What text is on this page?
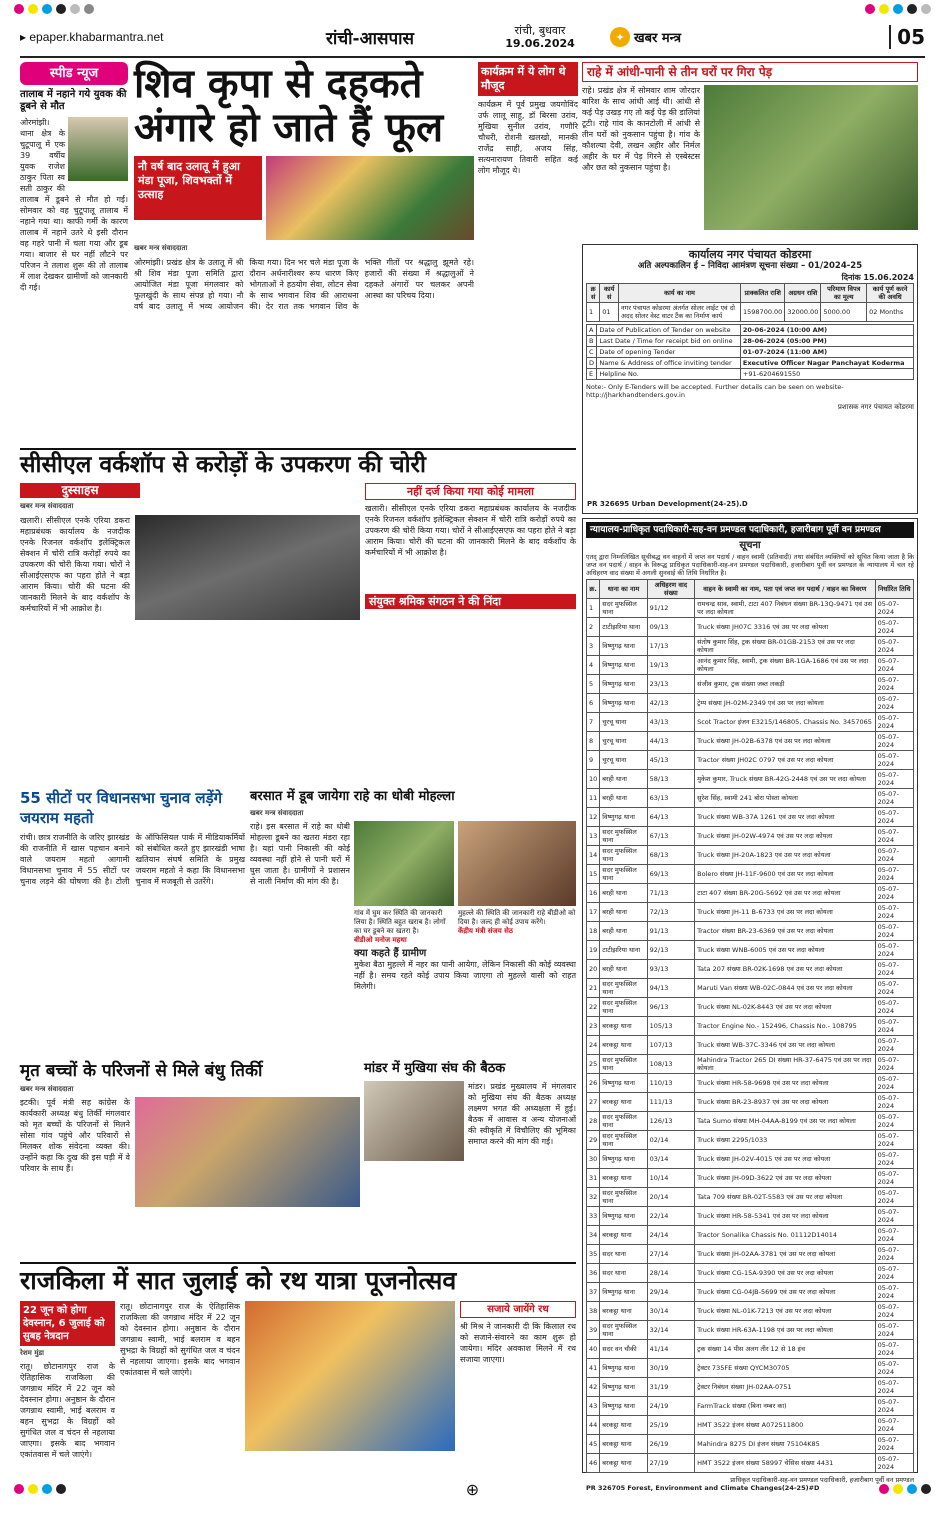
▸ epaper.khabarmantra.net	रांची-आसपास	रांची, बुधवार
19.06.2024	✦ खबर मन्त्र	05
स्पीड न्यूज
तालाब में नहाने गये युवक की डूबने से मौत
ओरमांझी। थाना क्षेत्र के चुटूपालू में एक 39 वर्षीय युवक राजेश ठाकुर पिता स्व सती ठाकुर की तालाब में डूबने से मौत हो गई। सोमवार को वह चुटूपालू तालाब में नहाने गया था। काफी गर्मी के कारण तालाब में नहाने उतरे थे इसी दौरान वह गहरे पानी में चला गया और डूब गया। बाजार से घर नहीं लौटने पर परिजन ने तलाश शुरू की तो तालाब में लाश देखकर ग्रामीणों को जानकारी दी गई।
शिव कृपा से दहकते अंगारे हो जाते हैं फूल
नौ वर्ष बाद उलातू में हुआ मंडा पूजा, शिवभक्तों में उत्साह
खबर मन्त्र संवाददाता
ओरमांझी। प्रखंड क्षेत्र के उलातू में श्री श्री शिव मंडा पूजा समिति द्वारा आयोजित मंडा पूजा मंगलवार को फूलखुंदी के साथ संपन्न हो गया। नौ वर्ष बाद उलातू में भव्य आयोजन किया गया। दिन भर चले मंडा पूजा के दौरान अर्धनारीश्वर रूप धारण किए भोगताओं ने हठयोग सेवा, लोटन सेवा के साथ भगवान शिव की आराधना की। देर रात तक भगवान शिव के भक्ति गीतों पर श्रद्धालु झूमते रहे। हजारों की संख्या में श्रद्धालुओं ने दहकते अंगारों पर चलकर अपनी आस्था का परिचय दिया।
कार्यक्रम में ये लोग थे मौजूद
कार्यक्रम में पूर्व प्रमुख जयगोविंद उर्फ लालू साहू, डॉ बिरसा उरांव, मुखिया सुनील उरांव, गणौरि चौधरी, रोशनी खलखो, मानकी राजेंद्र साही, अजय सिंह, सत्यनारायण तिवारी सहित कई लोग मौजूद थे।
राहे में आंधी-पानी से तीन घरों पर गिरा पेड़
राहे। प्रखंड क्षेत्र में सोमवार शाम जोरदार बारिश के साथ आंधी आई थी। आंधी से कई पेड़ उखड़ गए तो कई पेड़ की डालियां टूटी। राहे गांव के कानटोली में आंधी से तीन घरों को नुकसान पहुंचा है। गांव के कौशल्या देवी, लखन अहीर और निर्मल अहीर के घर में पेड़ गिरने से एस्बेस्टस और छत को नुकसान पहुंचा है।
कार्यालय नगर पंचायत कोडरमा
अति अल्पकालिन ई – निविदा आमंत्रण सूचना संख्या – 01/2024-25
दिनांक 15.06.2024
क्र सं	कार्य सं	कार्य का नाम	प्राक्कलित राशि	अग्रधन राशि	परिमाण विपत्र का मूल्य	कार्य पूर्ण करने की अवधि
1	01	नगर पंचायत कोडरमा अंतर्गत सोलर लाईट एवं दो अदद सोलर वेस्ट वाटर टैंक का निर्माण कार्य	1598700.00	32000.00	5000.00	02 Months
A	Date of Publication of Tender on website	20-06-2024 (10:00 AM)
B	Last Date / Time for receipt bid on online	28-06-2024 (05:00 PM)
C	Date of opening Tender	01-07-2024 (11:00 AM)
D	Name & Address of office inviting tender	Executive Officer Nagar Panchayat Koderma
E	Helpline No.	+91-6204691550
Note:- Only E-Tenders will be accepted. Further details can be seen on website-http://jharkhandtenders.gov.in
प्रशासक नगर पंचायत कोडरमा
PR 326695 Urban Development(24-25).D
सीसीएल वर्कशॉप से करोड़ों के उपकरण की चोरी
दुस्साहस
खबर मन्त्र संवाददाता
खलारी। सीसीएल एनके एरिया डकरा महाप्रबंधक कार्यालय के नजदीक एनके रिजनल वर्कशॉप इलेक्ट्रिकल सेक्शन में चोरी रात्रि करोड़ों रुपये का उपकरण की चोरी किया गया। चोरों ने सीआईएसएफ का पहरा होते ने बड़ा आराम किया। चोरी की घटना की जानकारी मिलने के बाद वर्कशॉप के कर्मचारियों में भी आक्रोश है।
नहीं दर्ज किया गया कोई मामला
खलारी। सीसीएल एनके एरिया डकरा महाप्रबंधक कार्यालय के नजदीक एनके रिजनल वर्कशॉप इलेक्ट्रिकल सेक्शन में चोरी रात्रि करोड़ों रुपये का उपकरण की चोरी किया गया। चोरों ने सीआईएसएफ का पहरा होते ने बड़ा आराम किया। चोरी की घटना की जानकारी मिलने के बाद वर्कशॉप के कर्मचारियों में भी आक्रोश है।
संयुक्त श्रमिक संगठन ने की निंदा
55 सीटों पर विधानसभा चुनाव लड़ेंगे जयराम महतो
रांची। छात्र राजनीति के जरिए झारखंड की राजनीति में खास पहचान बनाने वाले जयराम महतो आगामी विधानसभा चुनाव में 55 सीटों पर चुनाव लड़ने की घोषणा की है। टोली के ऑफिसियल पार्क में मीडियाकर्मियों को संबोधित करते हुए झारखंडी भाषा खतियान संघर्ष समिति के प्रमुख जयराम महतो ने कहा कि विधानसभा चुनाव में मजबूती से उतरेंगे।
बरसात में डूब जायेगा राहे का धोबी मोहल्ला
खबर मन्त्र संवाददाता
राहे। इस बरसात में राहे का धोबी मोहल्ला डूबने का खतरा मंडरा रहा है। यहां पानी निकासी की कोई व्यवस्था नहीं होने से पानी घरों में घुस जाता है। ग्रामीणों ने प्रशासन से नाली निर्माण की मांग की है।
गांव में घुम कर स्थिति की जानकारी लिया है। स्थिति बहुत खराब है। लोगों का घर डूबने का खतरा है।
बीडीओ मनोज महथा
मुहल्ले की स्थिति की जानकारी राहे बीडीओ को दिया है। जल्द ही कोई उपाय करेंगे।
केंद्रीय मंत्री संजय सेठ
क्या कहते हैं ग्रामीण
मुकेश बैठा मुहल्ले में नहर का पानी आयेगा, लेकिन निकासी की कोई व्यवस्था नहीं है। समय रहते कोई उपाय किया जाएगा तो मुहल्ले वासी को राहत मिलेगी।
मृत बच्चों के परिजनों से मिले बंधु तिर्की
खबर मन्त्र संवाददाता
इटकी। पूर्व मंत्री सह कांग्रेस के कार्यकारी अध्यक्ष बंधु तिर्की मंगलवार को मृत बच्चों के परिजनों से मिलने सोसा गांव पहुंचे और परिवारों से मिलकर शोक संवेदना व्यक्त की। उन्होंने कहा कि दुख की इस घड़ी में वे परिवार के साथ हैं।
मांडर में मुखिया संघ की बैठक
मांडर। प्रखंड मुख्यालय में मंगलवार को मुखिया संघ की बैठक अध्यक्ष लक्ष्मण भगत की अध्यक्षता में हुई। बैठक में आवास व अन्य योजनाओं की स्वीकृति में विचौलिए की भूमिका समाप्त करने की मांग की गई।
राजकिला में सात जुलाई को रथ यात्रा पूजनोत्सव
22 जून को होगा देवस्नान, 6 जुलाई को सुबह नेत्रदान
रेशम मुंडा
रातू। छोटानागपुर राज के ऐतिहासिक राजकिला की जगन्नाथ मंदिर में 22 जून को देवस्नान होगा। अनुष्ठान के दौरान जगन्नाथ स्वामी, भाई बलराम व बहन सुभद्रा के विग्रहों को सुगंधित जल व चंदन से नहलाया जाएगा। इसके बाद भगवान एकांतवास में चले जाएंगे।
रातू। छोटानागपुर राज के ऐतिहासिक राजकिला की जगन्नाथ मंदिर में 22 जून को देवस्नान होगा। अनुष्ठान के दौरान जगन्नाथ स्वामी, भाई बलराम व बहन सुभद्रा के विग्रहों को सुगंधित जल व चंदन से नहलाया जाएगा। इसके बाद भगवान एकांतवास में चले जाएंगे।
सजाये जायेंगे रथ
श्री मिश्र ने जानकारी दी कि किलाल रथ को सजाने-संवारने का काम शुरू हो जायेगा। मंदिर अवकाश मिलने में रथ सजाया जाएगा।
न्यायालय-प्राधिकृत पदाधिकारी-सह-वन प्रमण्डल पदाधिकारी, हजारीबाग पूर्वी वन प्रमण्डल
सूचना
एतद् द्वारा निम्नलिखित सूचीबद्ध वन वाहनों में जप्त वन पदार्थ / वाहन स्वामी (प्रतिवादी) तथा संबंधित व्यक्तियों को सूचित किया जाता है कि जप्त वन पदार्थ / वाहन के विरूद्ध प्राधिकृत पदाधिकारी-सह-वन प्रमण्डल पदाधिकारी, हजारीबाग पूर्वी वन प्रमण्डल के न्यायालय में चल रहे अधिहरण वाद संख्या में अगली सुनवाई की तिथि निर्धारित है।
क्र.	थाना का नाम	अधिहरण वाद संख्या	वाहन के स्वामी का नाम, पता एवं जप्त वन पदार्थ / वाहन का विवरण	निर्धारित तिथि
1	सदर मुफस्सिल थाना	91/12	रामचन्द्र साव, स्वामी, टाटा 407 निबंधन संख्या BR-13Q-9471 एवं उस पर लदा कोयला	05-07-2024
2	टाटीझरिया थाना	09/13	Truck संख्या JH07C 3316 एवं उस पर लदा कोयला	05-07-2024
3	विष्णुगढ़ थाना	17/13	संतोष कुमार सिंह, ट्रक संख्या BR-01GB-2153 एवं उस पर लदा कोयला	05-07-2024
4	विष्णुगढ़ थाना	19/13	आनंद कुमार सिंह, स्वामी, ट्रक संख्या BR-1GA-1686 एवं उस पर लदा कोयला	05-07-2024
5	विष्णुगढ़ थाना	23/13	संजीव कुमार, ट्रक संख्या जब्त लकड़ी	05-07-2024
6	विष्णुगढ़ थाना	42/13	ट्रेम्प संख्या JH-02M-2349 एवं उस पर लदा कोयला	05-07-2024
7	चुरचू थाना	43/13	Scot Tractor इंजन E3215/146805, Chassis No. 3457065	05-07-2024
8	चुरचू थाना	44/13	Truck संख्या JH-02B-6378 एवं उस पर लदा कोयला	05-07-2024
9	चुरचू थाना	45/13	Tractor संख्या JH02C 0797 एवं उस पर लदा कोयला	05-07-2024
10	बरही थाना	58/13	मुकेश कुमार, Truck संख्या BR-42G-2448 एवं उस पर लदा कोयला	05-07-2024
11	बरही थाना	63/13	सुरेश सिंह, स्वामी 241 बोरा पोस्ता कोयला	05-07-2024
12	विष्णुगढ़ थाना	64/13	Truck संख्या WB-37A 1261 एवं उस पर लदा कोयला	05-07-2024
13	सदर मुफस्सिल थाना	67/13	Truck संख्या JH-02W-4974 एवं उस पर लदा कोयला	05-07-2024
14	सदर मुफस्सिल थाना	68/13	Truck संख्या JH-20A-1823 एवं उस पर लदा कोयला	05-07-2024
15	सदर मुफस्सिल थाना	69/13	Bolero संख्या JH-11F-9600 एवं उस पर लदा कोयला	05-07-2024
16	बरही थाना	71/13	टाटा 407 संख्या BR-20G-5692 एवं उस पर लदा कोयला	05-07-2024
17	बरही थाना	72/13	Truck संख्या JH-11 B-6733 एवं उस पर लदा कोयला	05-07-2024
18	बरही थाना	91/13	Tractor संख्या BR-23-6369 एवं उस पर लदा कोयला	05-07-2024
19	टाटीझरिया थाना	92/13	Truck संख्या WNB-6005 एवं उस पर लदा कोयला	05-07-2024
20	बरही थाना	93/13	Tata 207 संख्या BR-02K-1698 एवं उस पर लदा कोयला	05-07-2024
21	सदर मुफस्सिल थाना	94/13	Maruti Van संख्या WB-02C-0844 एवं उस पर लदा कोयला	05-07-2024
22	सदर मुफस्सिल थाना	96/13	Truck संख्या NL-02K-8443 एवं उस पर लदा कोयला	05-07-2024
23	बरकट्ठा थाना	105/13	Tractor Engine No.- 152496, Chassis No.- 108795	05-07-2024
24	बरकट्ठा थाना	107/13	Truck संख्या WB-37C-3346 एवं उस पर लदा कोयला	05-07-2024
25	सदर मुफस्सिल थाना	108/13	Mahindra Tractor 265 DI संख्या HR-37-6475 एवं उस पर लदा कोयला	05-07-2024
26	विष्णुगढ़ थाना	110/13	Truck संख्या HR-58-9698 एवं उस पर लदा कोयला	05-07-2024
27	बरकट्ठा थाना	111/13	Truck संख्या BR-23-8937 एवं उस पर लदा कोयला	05-07-2024
28	सदर मुफस्सिल थाना	126/13	Tata Sumo संख्या MH-04AA-8199 एवं उस पर लदा कोयला	05-07-2024
29	सदर मुफस्सिल थाना	02/14	Truck संख्या 2295/1033	05-07-2024
30	विष्णुगढ़ थाना	03/14	Truck संख्या JH-02V-4015 एवं उस पर लदा कोयला	05-07-2024
31	बरकट्ठा थाना	10/14	Truck संख्या JH-09D-3622 एवं उस पर लदा कोयला	05-07-2024
32	सदर मुफस्सिल थाना	20/14	Tata 709 संख्या BR-02T-5583 एवं उस पर लदा कोयला	05-07-2024
33	विष्णुगढ़ थाना	22/14	Truck संख्या HR-58-5341 एवं उस पर लदा कोयला	05-07-2024
34	बरकट्ठा थाना	24/14	Tractor Sonalika Chassis No. 01112D14014	05-07-2024
35	सदर थाना	27/14	Truck संख्या JH-02AA-3781 एवं उस पर लदा कोयला	05-07-2024
36	सदर थाना	28/14	Truck संख्या CG-15A-9390 एवं उस पर लदा कोयला	05-07-2024
37	विष्णुगढ़ थाना	29/14	Truck संख्या CG-04JB-5699 एवं उस पर लदा कोयला	05-07-2024
38	बरकट्ठा थाना	30/14	Truck संख्या NL-01K-7213 एवं उस पर लदा कोयला	05-07-2024
39	सदर मुफस्सिल थाना	32/14	Truck संख्या HR-63A-1198 एवं उस पर लदा कोयला	05-07-2024
40	सदर वन चौकी	41/14	ट्रक संख्या 14 पीस अलग तीर 12 से 18 इंच	05-07-2024
41	विष्णुगढ़ थाना	30/19	ट्रेक्टर 735FE संख्या QYCM30705	05-07-2024
42	विष्णुगढ़ थाना	31/19	ट्रेक्टर निबंधन संख्या JH-02AA-0751	05-07-2024
43	विष्णुगढ़ थाना	24/19	FarmTrack संख्या (बिना नम्बर का)	05-07-2024
44	बरकट्ठा थाना	25/19	HMT 3522 इंजन संख्या A072511800	05-07-2024
45	बरकट्ठा थाना	26/19	Mahindra 8275 DI इंजन संख्या 75104K85	05-07-2024
46	बरकट्ठा थाना	27/19	HMT 3522 इंजन संख्या 58997 चेसिस संख्या 4431	05-07-2024
प्राधिकृत पदाधिकारी-सह-वन प्रमण्डल पदाधिकारी, हजारीबाग पूर्वी वन प्रमण्डल
PR 326705 Forest, Environment and Climate Changes(24-25)#D
⊕
